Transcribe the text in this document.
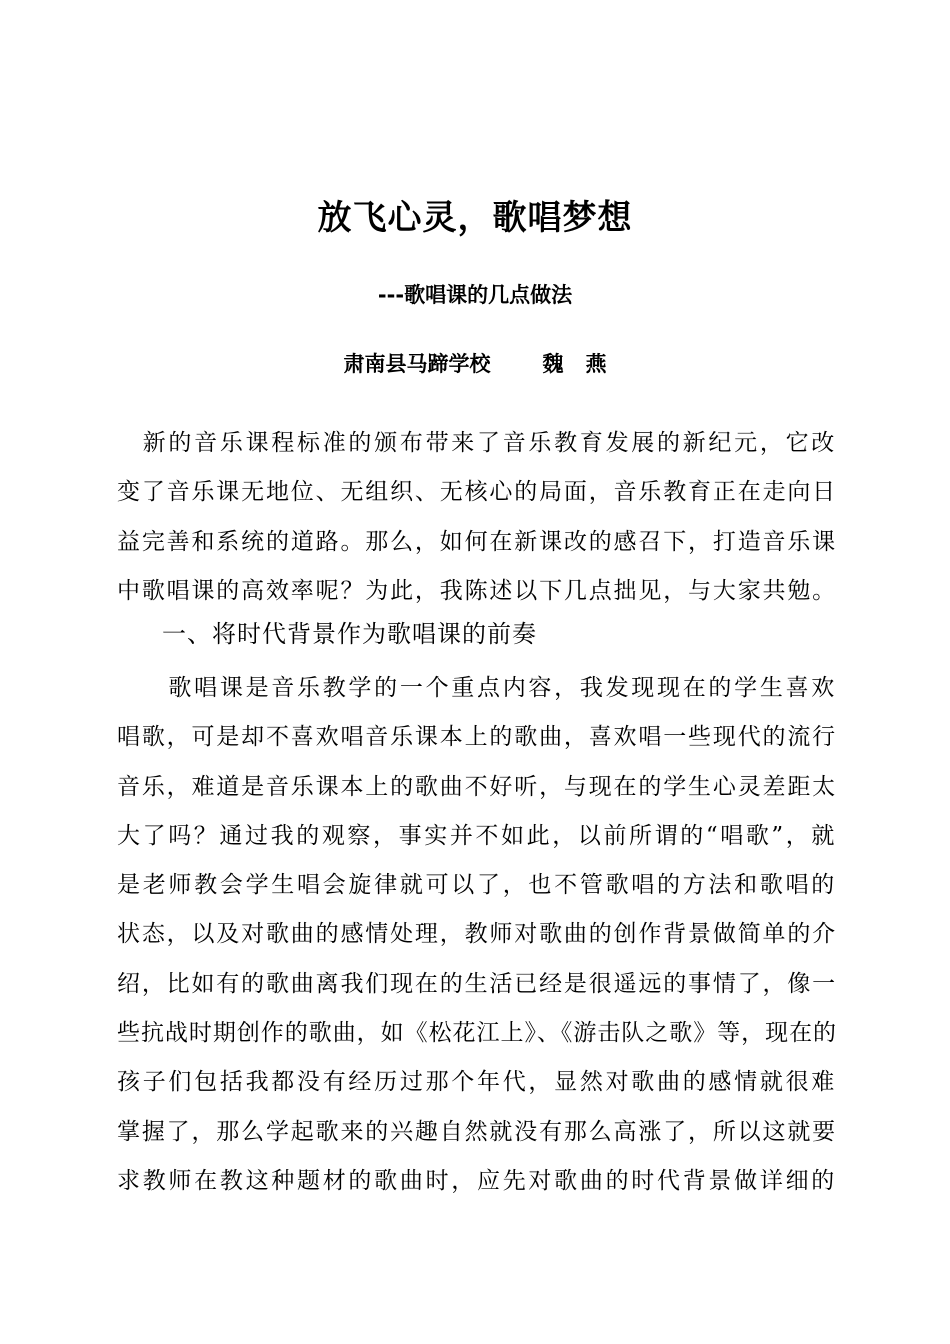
放飞心灵，歌唱梦想
---歌唱课的几点做法
肃南县马蹄学校 魏燕
　新的音乐课程标准的颁布带来了音乐教育发展的新纪元，它改
变了音乐课无地位、无组织、无核心的局面，音乐教育正在走向日
益完善和系统的道路。那么，如何在新课改的感召下，打造音乐课
中歌唱课的高效率呢？为此，我陈述以下几点拙见，与大家共勉。
一、将时代背景作为歌唱课的前奏
　　歌唱课是音乐教学的一个重点内容，我发现现在的学生喜欢
唱歌，可是却不喜欢唱音乐课本上的歌曲，喜欢唱一些现代的流行
音乐，难道是音乐课本上的歌曲不好听，与现在的学生心灵差距太
大了吗？通过我的观察，事实并不如此，以前所谓的“唱歌”，就
是老师教会学生唱会旋律就可以了，也不管歌唱的方法和歌唱的
状态，以及对歌曲的感情处理，教师对歌曲的创作背景做简单的介
绍，比如有的歌曲离我们现在的生活已经是很遥远的事情了，像一
些抗战时期创作的歌曲，如《松花江上》、《游击队之歌》等，现在的
孩子们包括我都没有经历过那个年代，显然对歌曲的感情就很难
掌握了，那么学起歌来的兴趣自然就没有那么高涨了，所以这就要
求教师在教这种题材的歌曲时，应先对歌曲的时代背景做详细的
